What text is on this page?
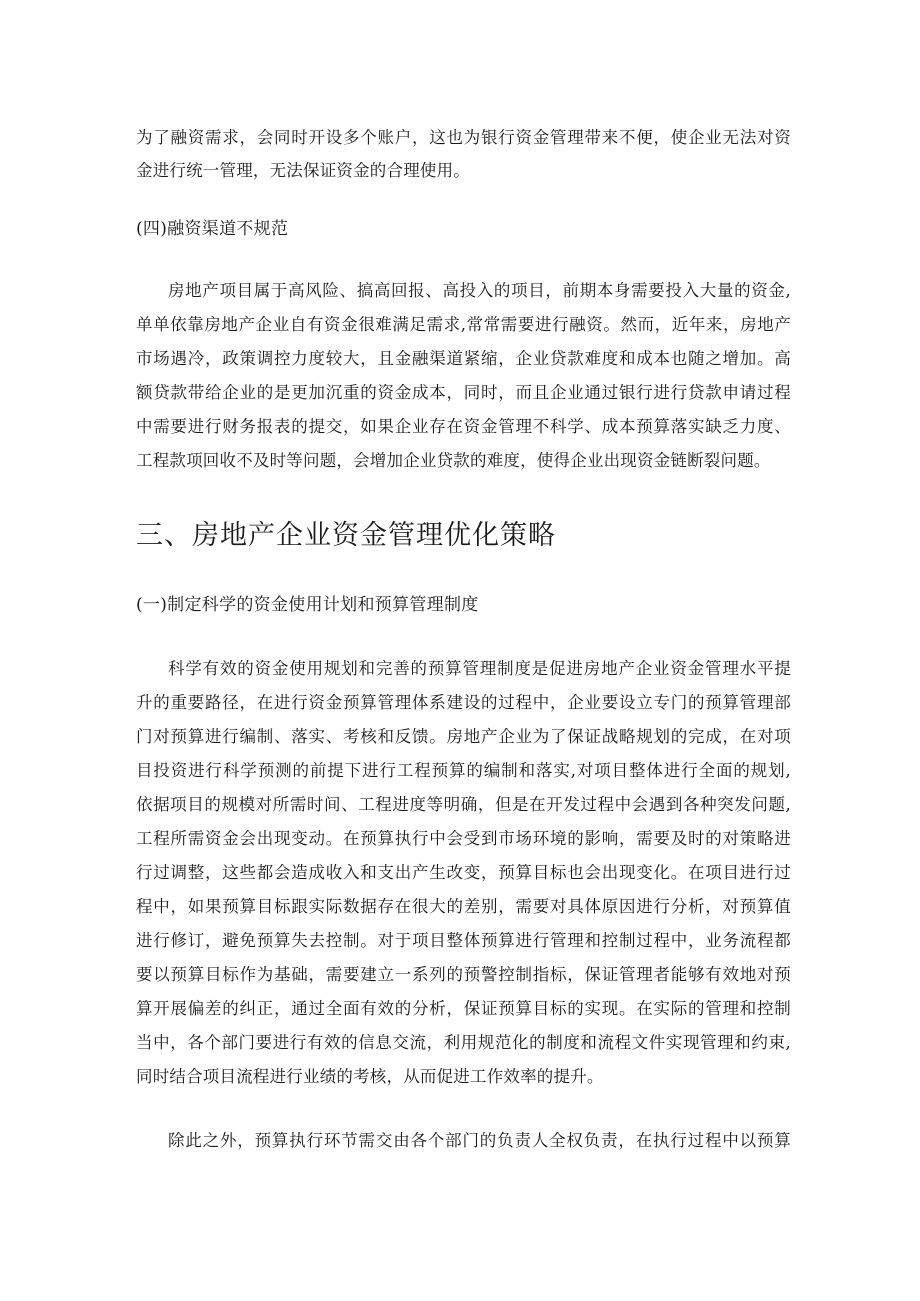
为了融资需求，会同时开设多个账户，这也为银行资金管理带来不便，使企业无法对资
金进行统一管理，无法保证资金的合理使用。
(四)融资渠道不规范
房地产项目属于高风险、搞高回报、高投入的项目，前期本身需要投入大量的资金,
单单依靠房地产企业自有资金很难满足需求,常常需要进行融资。然而，近年来，房地产
市场遇冷，政策调控力度较大，且金融渠道紧缩，企业贷款难度和成本也随之增加。高
额贷款带给企业的是更加沉重的资金成本，同时，而且企业通过银行进行贷款申请过程
中需要进行财务报表的提交，如果企业存在资金管理不科学、成本预算落实缺乏力度、
工程款项回收不及时等问题，会增加企业贷款的难度，使得企业出现资金链断裂问题。
三、房地产企业资金管理优化策略
(一)制定科学的资金使用计划和预算管理制度
科学有效的资金使用规划和完善的预算管理制度是促进房地产企业资金管理水平提
升的重要路径，在进行资金预算管理体系建设的过程中，企业要设立专门的预算管理部
门对预算进行编制、落实、考核和反馈。房地产企业为了保证战略规划的完成，在对项
目投资进行科学预测的前提下进行工程预算的编制和落实,对项目整体进行全面的规划,
依据项目的规模对所需时间、工程进度等明确，但是在开发过程中会遇到各种突发问题,
工程所需资金会出现变动。在预算执行中会受到市场环境的影响，需要及时的对策略进
行过调整，这些都会造成收入和支出产生改变，预算目标也会出现变化。在项目进行过
程中，如果预算目标跟实际数据存在很大的差别，需要对具体原因进行分析，对预算值
进行修订，避免预算失去控制。对于项目整体预算进行管理和控制过程中，业务流程都
要以预算目标作为基础，需要建立一系列的预警控制指标，保证管理者能够有效地对预
算开展偏差的纠正，通过全面有效的分析，保证预算目标的实现。在实际的管理和控制
当中，各个部门要进行有效的信息交流，利用规范化的制度和流程文件实现管理和约束,
同时结合项目流程进行业绩的考核，从而促进工作效率的提升。
除此之外，预算执行环节需交由各个部门的负责人全权负责，在执行过程中以预算
